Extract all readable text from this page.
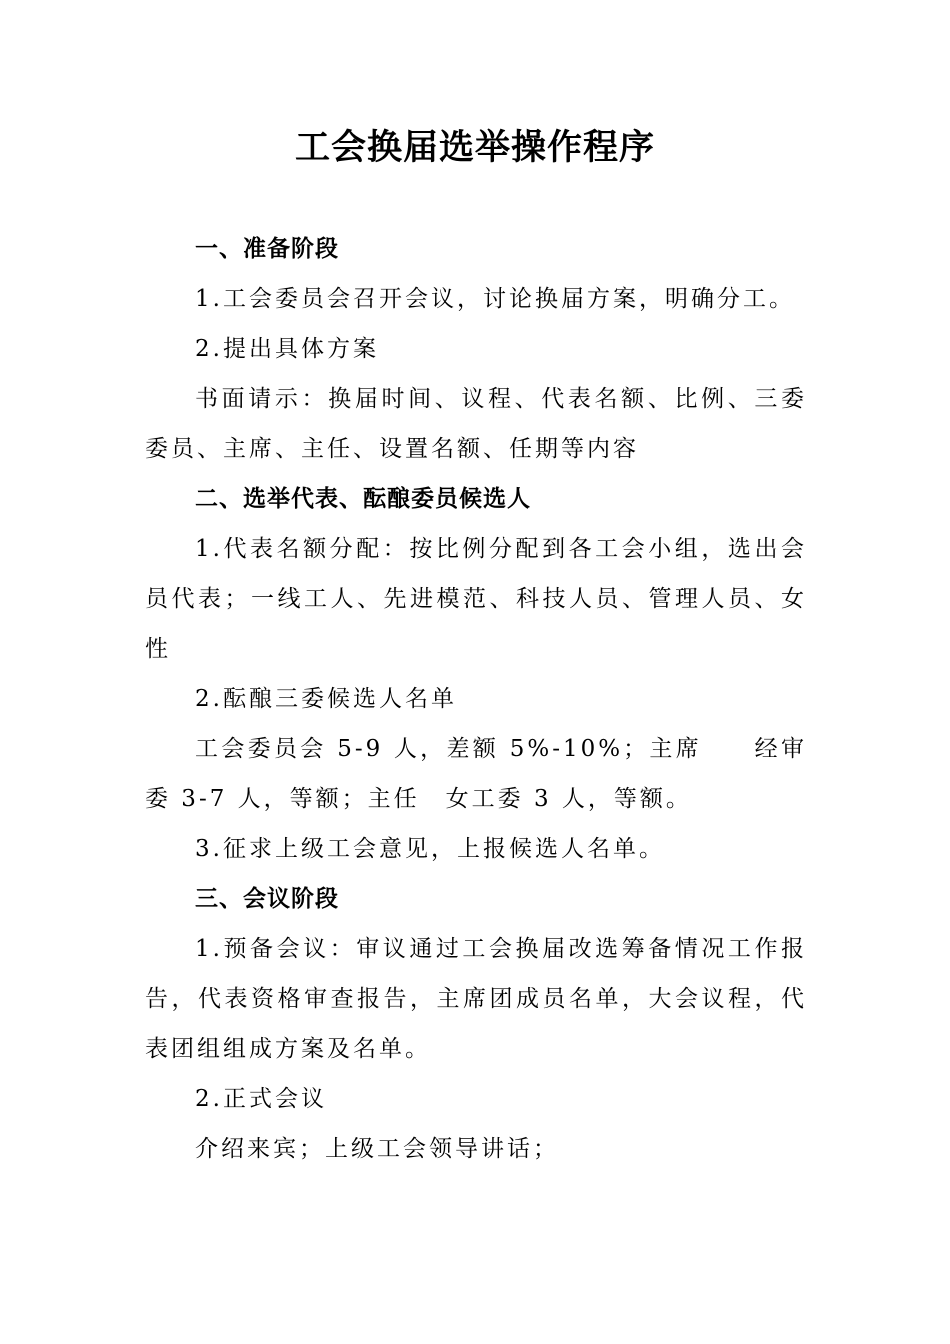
工会换届选举操作程序
一、准备阶段
1.工会委员会召开会议，讨论换届方案，明确分工。
2.提出具体方案
书面请示：换届时间、议程、代表名额、比例、三委委员、主席、主任、设置名额、任期等内容
二、选举代表、酝酿委员候选人
1.代表名额分配：按比例分配到各工会小组，选出会员代表；一线工人、先进模范、科技人员、管理人员、女性
2.酝酿三委候选人名单
工会委员会 5-9 人，差额 5%-10%；主席　　经审委 3-7 人，等额；主任　女工委 3 人，等额。
3.征求上级工会意见，上报候选人名单。
三、会议阶段
1.预备会议：审议通过工会换届改选筹备情况工作报告，代表资格审查报告，主席团成员名单，大会议程，代表团组组成方案及名单。
2.正式会议
介绍来宾；上级工会领导讲话；
